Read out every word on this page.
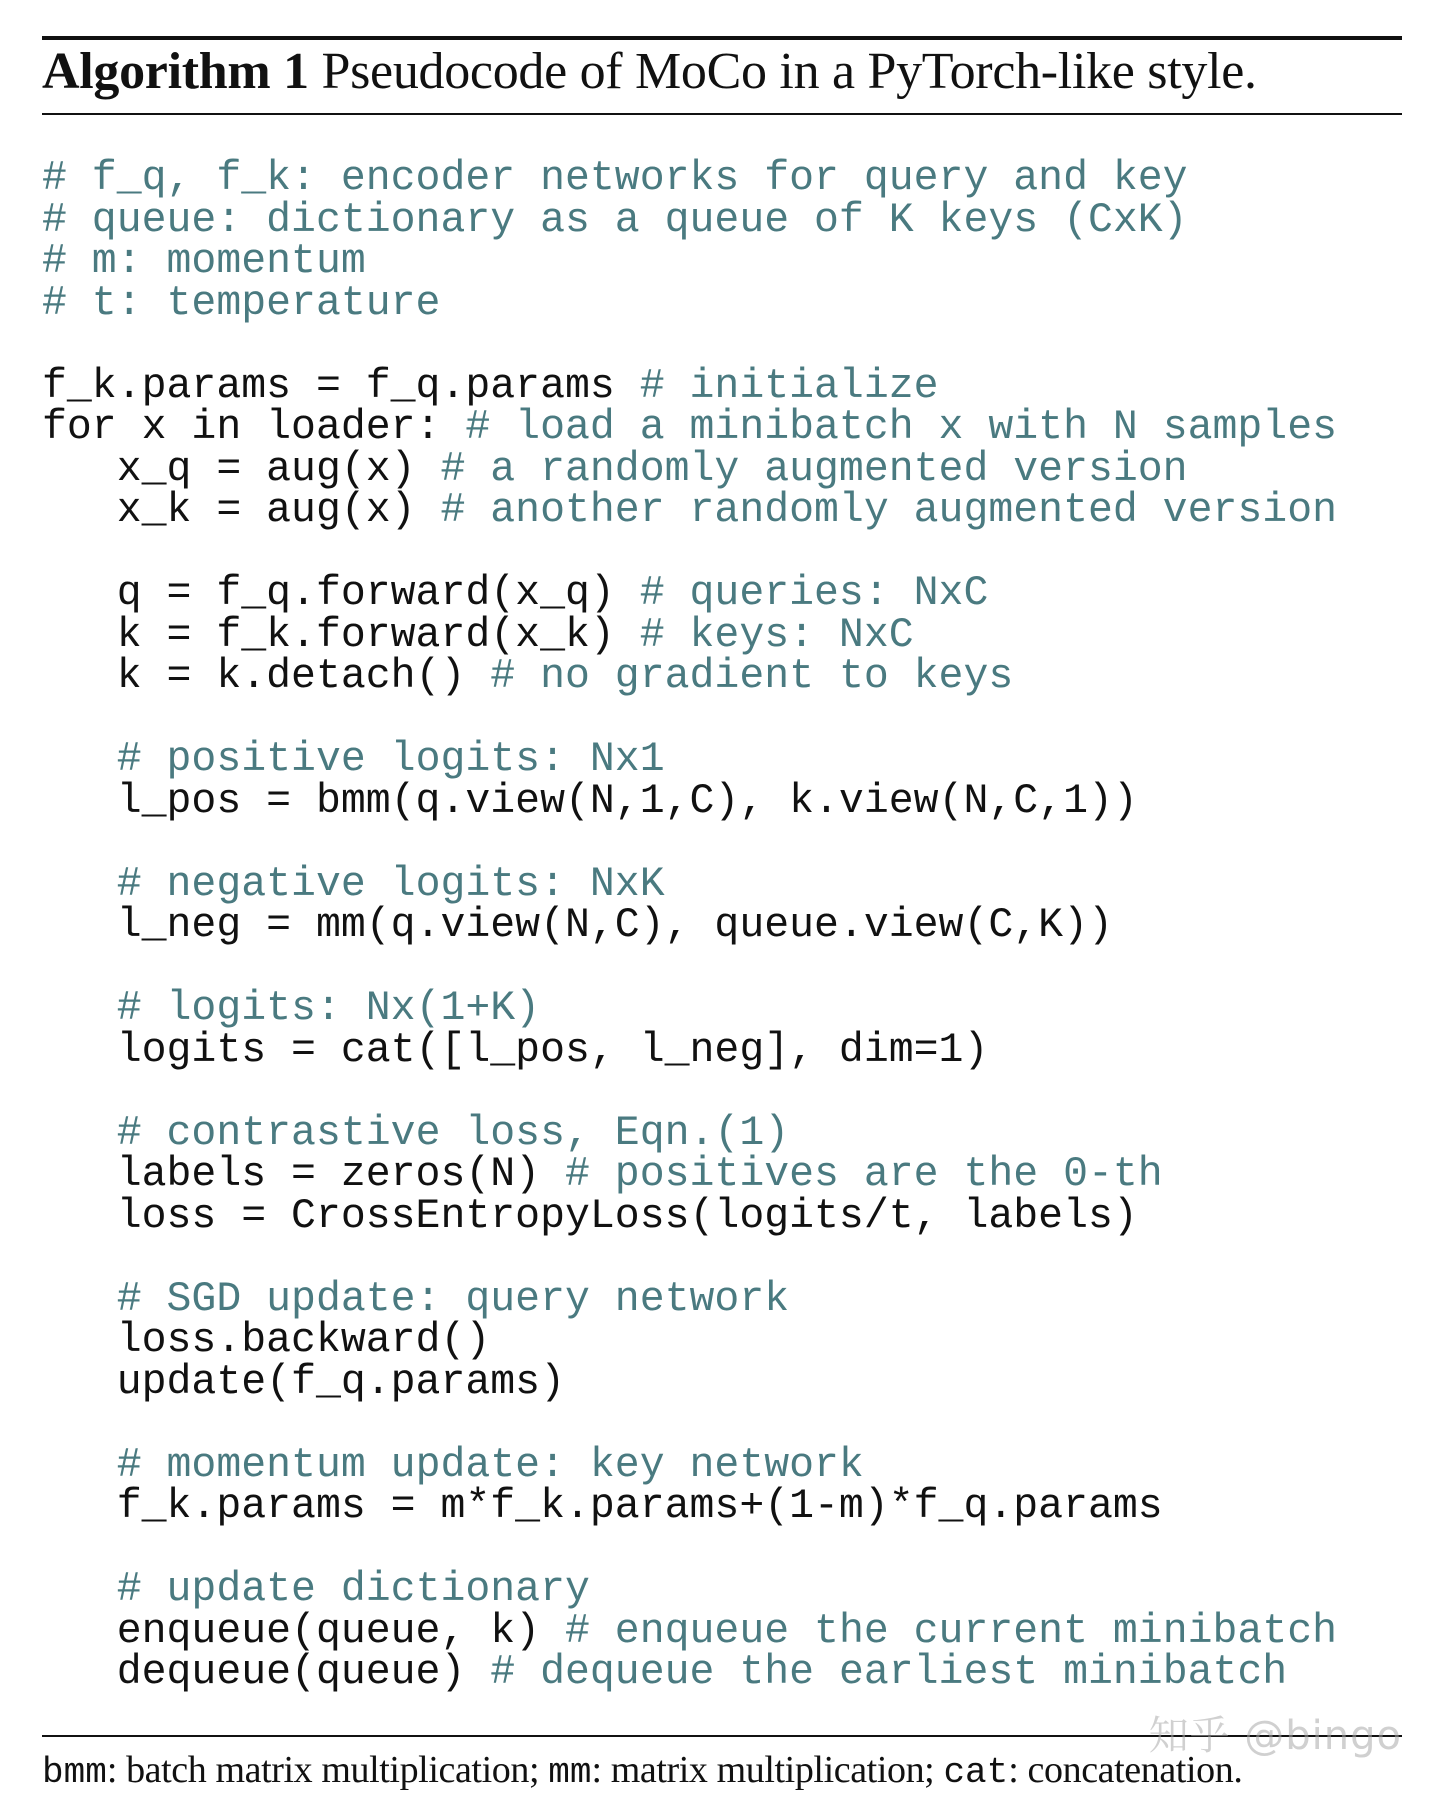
Algorithm 1 Pseudocode of MoCo in a PyTorch-like style.
# f_q, f_k: encoder networks for query and key
# queue: dictionary as a queue of K keys (CxK)
# m: momentum
# t: temperature
f_k.params = f_q.params # initialize
for x in loader: # load a minibatch x with N samples
x_q = aug(x) # a randomly augmented version
x_k = aug(x) # another randomly augmented version
q = f_q.forward(x_q) # queries: NxC
k = f_k.forward(x_k) # keys: NxC
k = k.detach() # no gradient to keys
# positive logits: Nx1
l_pos = bmm(q.view(N,1,C), k.view(N,C,1))
# negative logits: NxK
l_neg = mm(q.view(N,C), queue.view(C,K))
# logits: Nx(1+K)
logits = cat([l_pos, l_neg], dim=1)
# contrastive loss, Eqn.(1)
labels = zeros(N) # positives are the 0-th
loss = CrossEntropyLoss(logits/t, labels)
# SGD update: query network
loss.backward()
update(f_q.params)
# momentum update: key network
f_k.params = m*f_k.params+(1-m)*f_q.params
# update dictionary
enqueue(queue, k) # enqueue the current minibatch
dequeue(queue) # dequeue the earliest minibatch
bmm: batch matrix multiplication; mm: matrix multiplication; cat: concatenation.
知乎 @bingo
